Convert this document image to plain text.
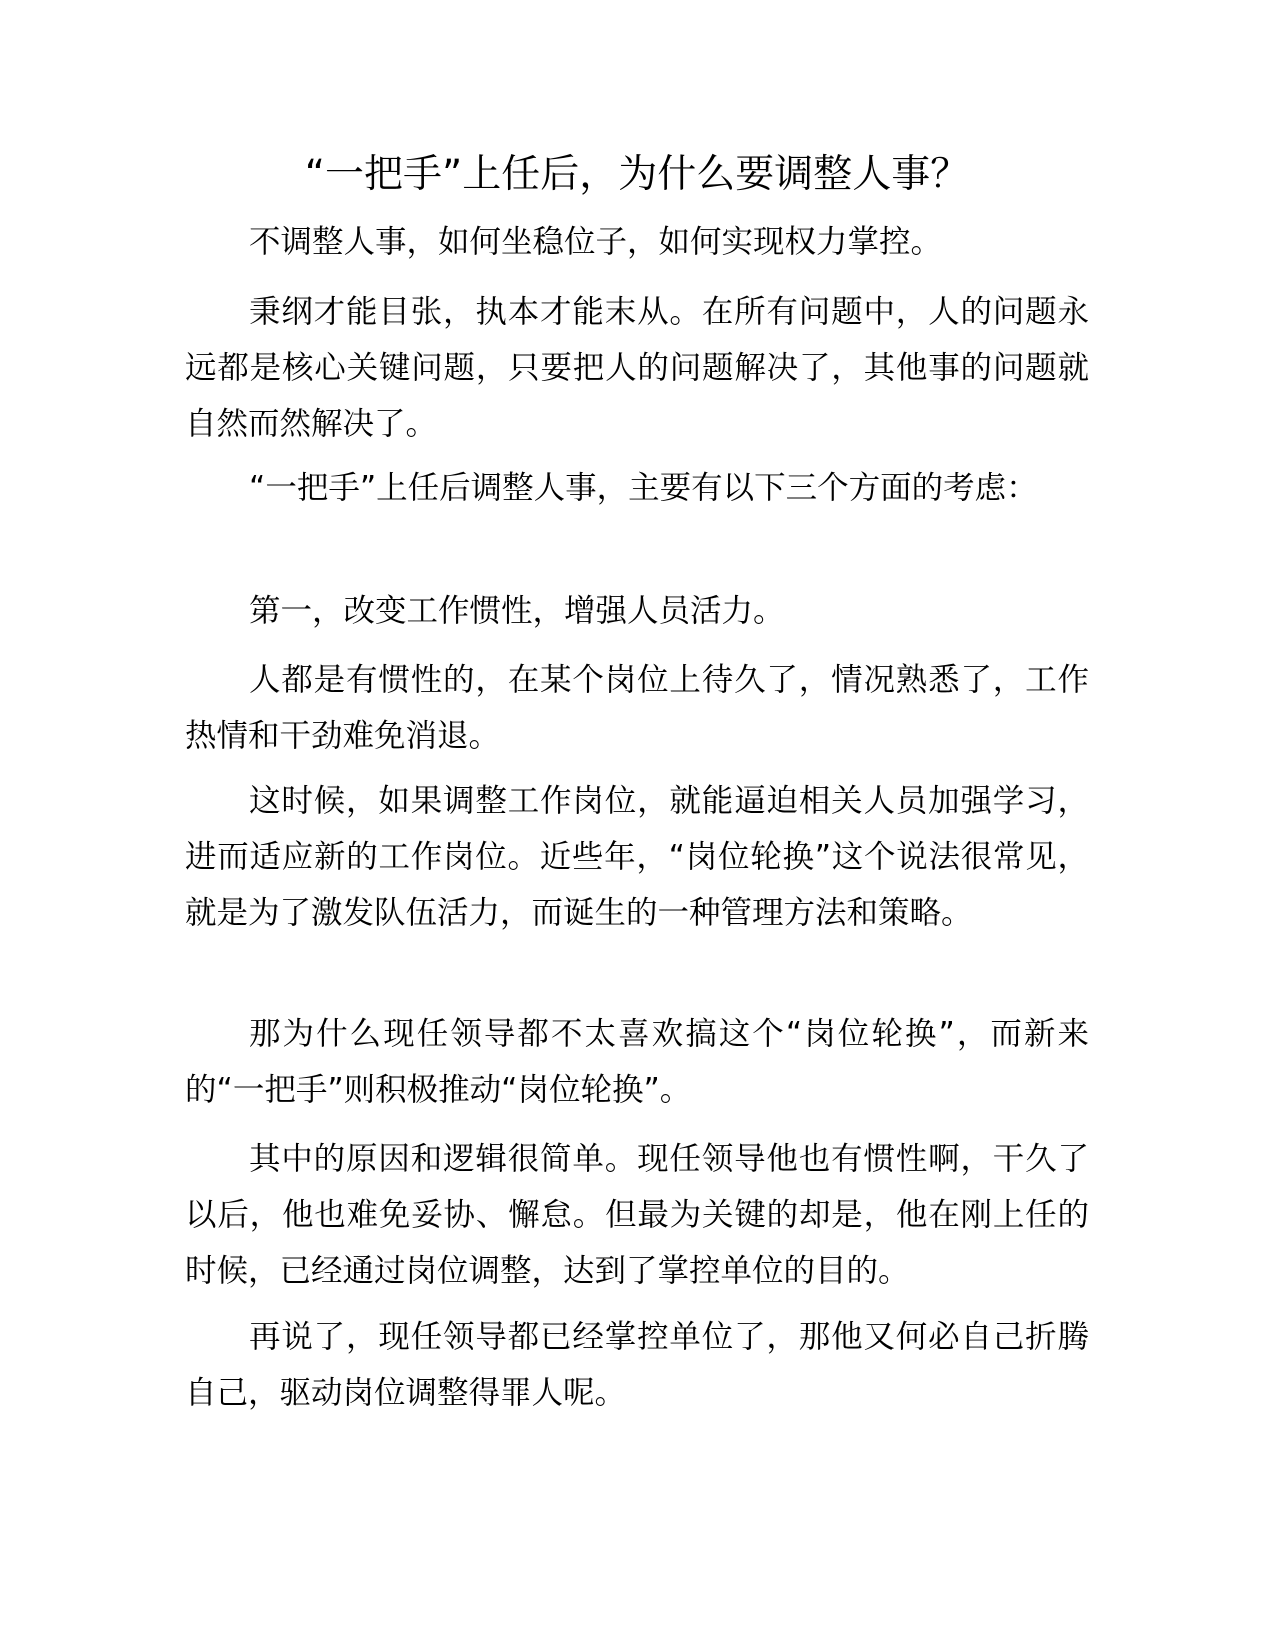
“一把手”上任后，为什么要调整人事？

不调整人事，如何坐稳位子，如何实现权力掌控。

秉纲才能目张，执本才能末从。在所有问题中，人的问题永远都是核心关键问题，只要把人的问题解决了，其他事的问题就自然而然解决了。

“一把手”上任后调整人事，主要有以下三个方面的考虑：

第一，改变工作惯性，增强人员活力。

人都是有惯性的，在某个岗位上待久了，情况熟悉了，工作热情和干劲难免消退。

这时候，如果调整工作岗位，就能逼迫相关人员加强学习，进而适应新的工作岗位。近些年，“岗位轮换”这个说法很常见，就是为了激发队伍活力，而诞生的一种管理方法和策略。

那为什么现任领导都不太喜欢搞这个“岗位轮换”，而新来的“一把手”则积极推动“岗位轮换”。

其中的原因和逻辑很简单。现任领导他也有惯性啊，干久了以后，他也难免妥协、懈怠。但最为关键的却是，他在刚上任的时候，已经通过岗位调整，达到了掌控单位的目的。

再说了，现任领导都已经掌控单位了，那他又何必自己折腾自己，驱动岗位调整得罪人呢。
